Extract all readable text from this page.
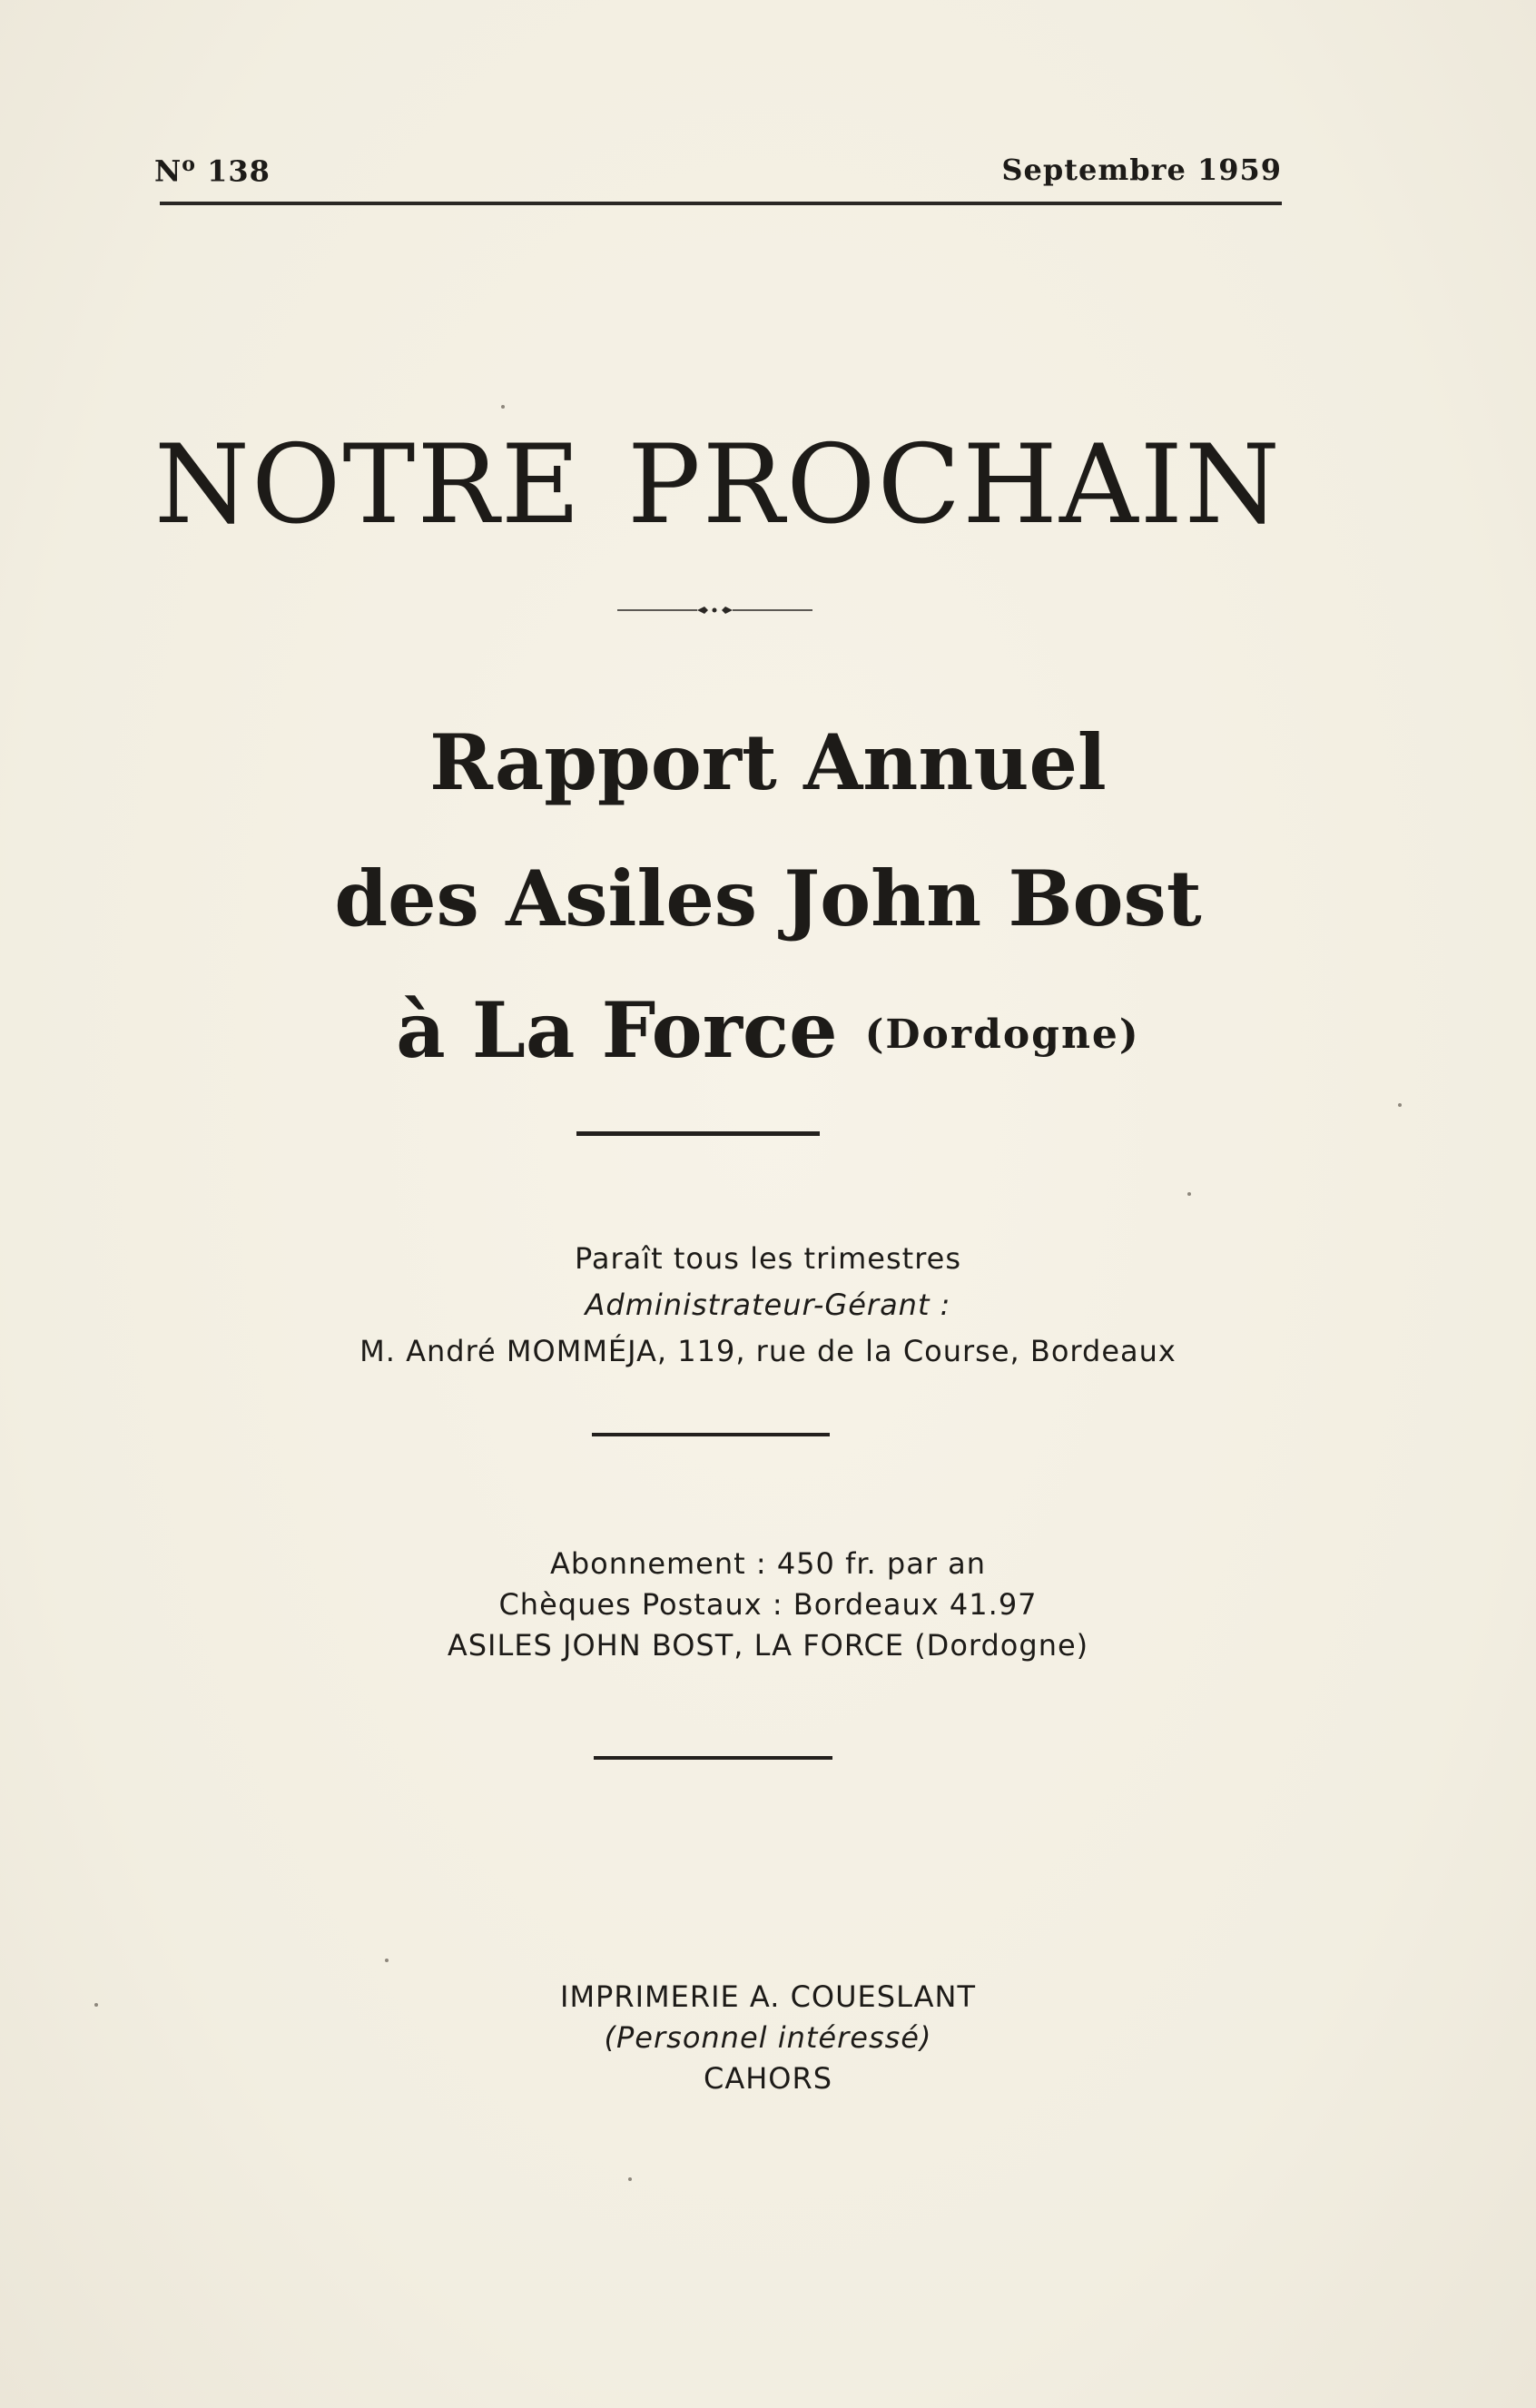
$N^o$ 138	Septembre 1959
NOTRE PROCHAIN
Rapport Annuel
des Asiles John Bost
à La Force (Dordogne)
Paraît tous les trimestres
Administrateur-Gérant :
M. André MOMMÉJA, 119, rue de la Course, Bordeaux
Abonnement : 450 fr. par an
Chèques Postaux : Bordeaux 41.97
ASILES JOHN BOST, LA FORCE (Dordogne)
IMPRIMERIE A. COUESLANT
(Personnel intéressé)
CAHORS
